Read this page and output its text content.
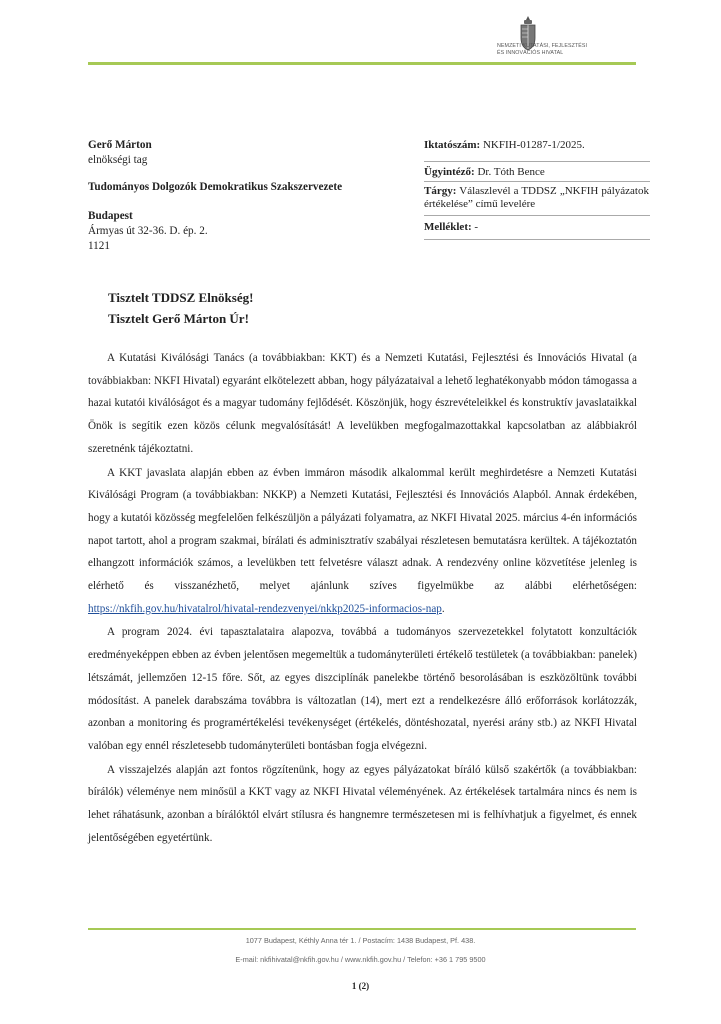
NEMZETI KUTATÁSI, FEJLESZTÉSI
ÉS INNOVÁCIÓS HIVATAL
Gerő Márton
elnökségi tag
Tudományos Dolgozók Demokratikus Szakszervezete
Budapest
Ármyas út 32-36. D. ép. 2.
1121
Iktatószám: NKFIH-01287-1/2025.
Ügyintéző: Dr. Tóth Bence
Tárgy: Válaszlevél a TDDSZ „NKFIH pályázatok értékelése” című levelére
Melléklet: -
Tisztelt TDDSZ Elnökség!
Tisztelt Gerő Márton Úr!

A Kutatási Kiválósági Tanács (a továbbiakban: KKT) és a Nemzeti Kutatási, Fejlesztési és Innovációs Hivatal (a továbbiakban: NKFI Hivatal) egyaránt elkötelezett abban, hogy pályázataival a lehető leghatékonyabb módon támogassa a hazai kutatói kiválóságot és a magyar tudomány fejlődését. Köszönjük, hogy észrevételeikkel és konstruktív javaslataikkal Önök is segítik ezen közös célunk megvalósítását! A levelükben megfogalmazottakkal kapcsolatban az alábbiakról szeretnénk tájékoztatni.

A KKT javaslata alapján ebben az évben immáron második alkalommal került meghirdetésre a Nemzeti Kutatási Kiválósági Program (a továbbiakban: NKKP) a Nemzeti Kutatási, Fejlesztési és Innovációs Alapból. Annak érdekében, hogy a kutatói közösség megfelelően felkészüljön a pályázati folyamatra, az NKFI Hivatal 2025. március 4-én információs napot tartott, ahol a program szakmai, bírálati és adminisztratív szabályai részletesen bemutatásra kerültek. A tájékoztatón elhangzott információk számos, a levelükben tett felvetésre választ adnak. A rendezvény online közvetítése jelenleg is elérhető és visszanézhető, melyet ajánlunk szíves figyelmükbe az alábbi elérhetőségen: https://nkfih.gov.hu/hivatalrol/hivatal-rendezvenyei/nkkp2025-informacios-nap.

A program 2024. évi tapasztalataira alapozva, továbbá a tudományos szervezetekkel folytatott konzultációk eredményeképpen ebben az évben jelentősen megemeltük a tudományterületi értékelő testületek (a továbbiakban: panelek) létszámát, jellemzően 12-15 főre. Sőt, az egyes diszciplínák panelekbe történő besorolásában is eszközöltünk további módosítást. A panelek darabszáma továbbra is változatlan (14), mert ezt a rendelkezésre álló erőforrások korlátozzák, azonban a monitoring és programértékelési tevékenységet (értékelés, döntéshozatal, nyerési arány stb.) az NKFI Hivatal valóban egy ennél részletesebb tudományterületi bontásban fogja elvégezni.

A visszajelzés alapján azt fontos rögzítenünk, hogy az egyes pályázatokat bíráló külső szakértők (a továbbiakban: bírálók) véleménye nem minősül a KKT vagy az NKFI Hivatal véleményének. Az értékelések tartalmára nincs és nem is lehet ráhatásunk, azonban a bírálóktól elvárt stílusra és hangnemre természetesen mi is felhívhatjuk a figyelmet, és ennek jelentőségében egyetértünk.

1077 Budapest, Kéthly Anna tér 1. / Postacím: 1438 Budapest, Pf. 438.
E-mail: nkfihivatal@nkfih.gov.hu / www.nkfih.gov.hu / Telefon: +36 1 795 9500
1 (2)
